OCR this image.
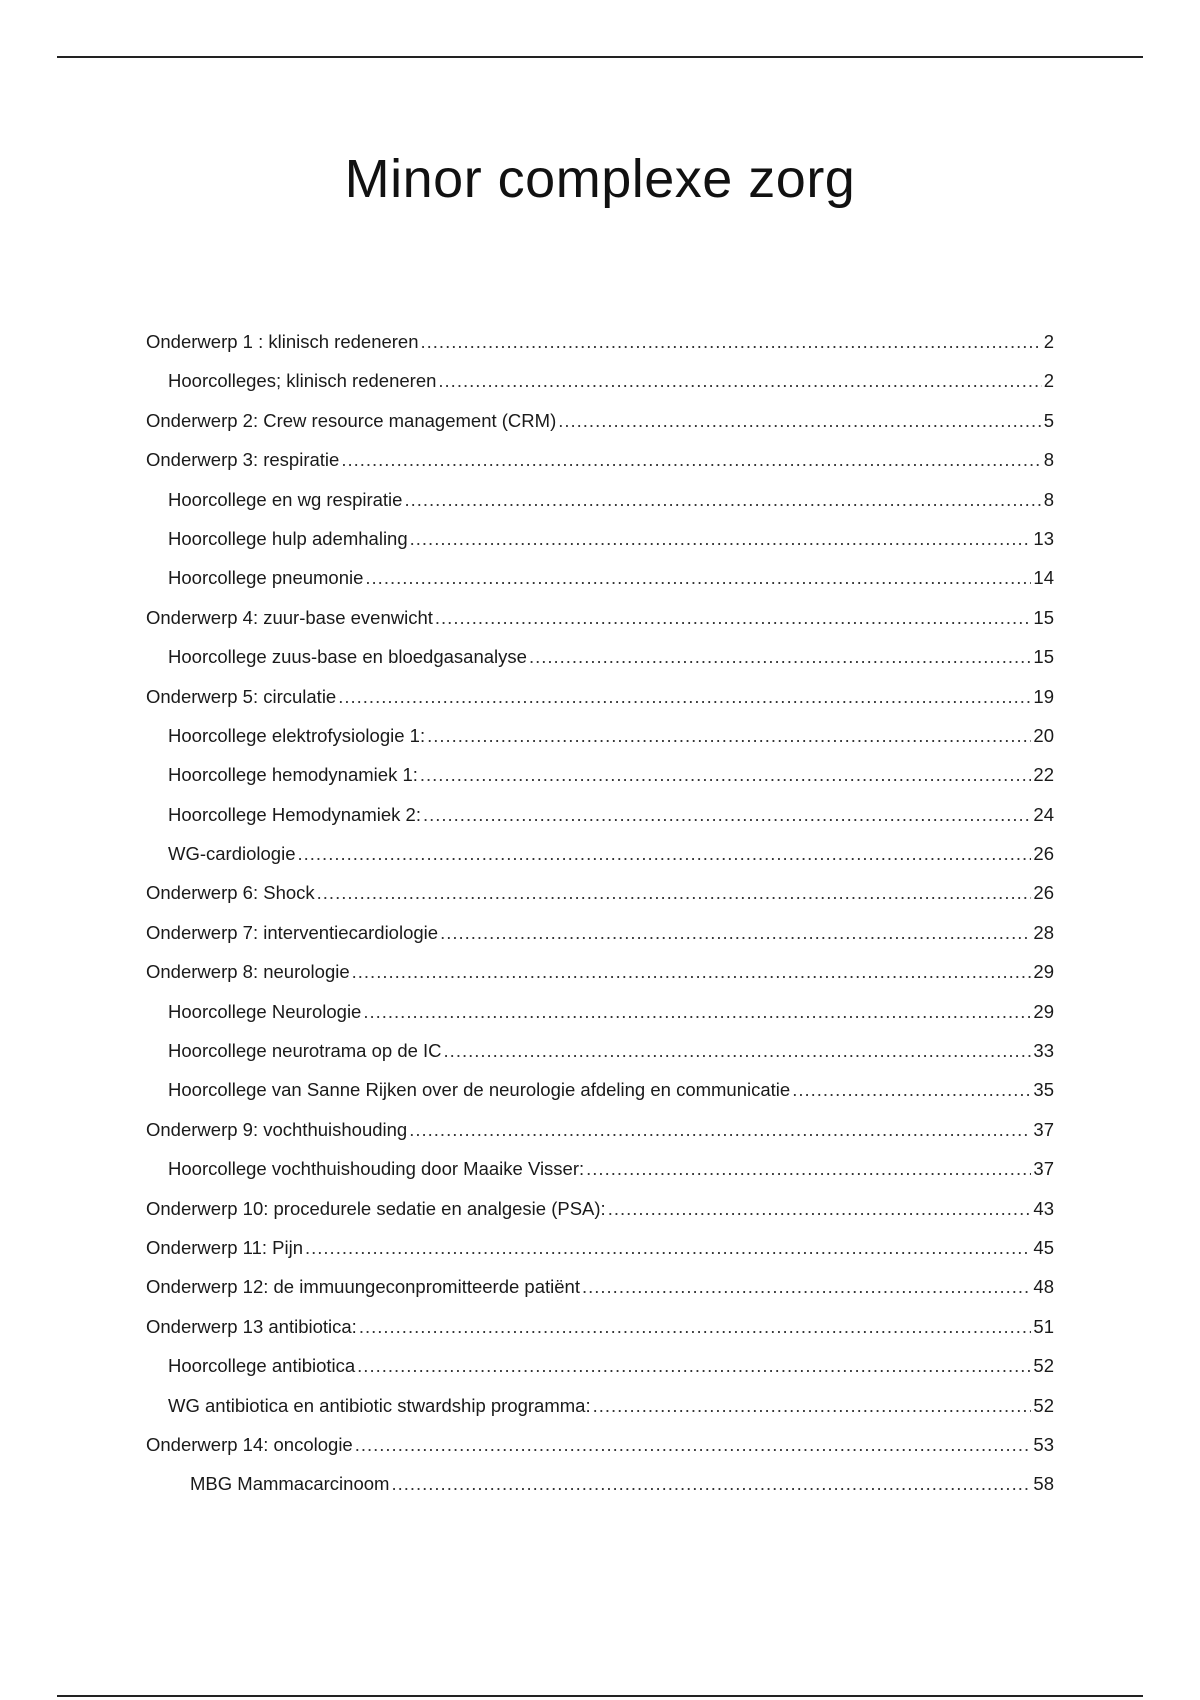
Minor complexe zorg
Onderwerp 1 : klinisch redeneren .....	2
Hoorcolleges; klinisch redeneren .....	2
Onderwerp 2: Crew resource management (CRM) .....	5
Onderwerp 3: respiratie .....	8
Hoorcollege en wg respiratie .....	8
Hoorcollege hulp ademhaling .....	13
Hoorcollege pneumonie .....	14
Onderwerp 4: zuur-base evenwicht .....	15
Hoorcollege zuus-base en bloedgasanalyse .....	15
Onderwerp 5: circulatie .....	19
Hoorcollege elektrofysiologie 1: .....	20
Hoorcollege hemodynamiek 1: .....	22
Hoorcollege Hemodynamiek 2: .....	24
WG-cardiologie .....	26
Onderwerp 6: Shock .....	26
Onderwerp 7: interventiecardiologie .....	28
Onderwerp 8: neurologie .....	29
Hoorcollege Neurologie .....	29
Hoorcollege neurotrama op de IC .....	33
Hoorcollege van Sanne Rijken over de neurologie afdeling en communicatie .....	35
Onderwerp 9: vochthuishouding .....	37
Hoorcollege vochthuishouding door Maaike Visser: .....	37
Onderwerp 10: procedurele sedatie en analgesie (PSA): .....	43
Onderwerp 11: Pijn .....	45
Onderwerp 12: de immuungeconpromitteerde patiënt .....	48
Onderwerp 13 antibiotica: .....	51
Hoorcollege antibiotica .....	52
WG antibiotica en antibiotic stwardship programma: .....	52
Onderwerp 14: oncologie .....	53
MBG Mammacarcinoom .....	58
